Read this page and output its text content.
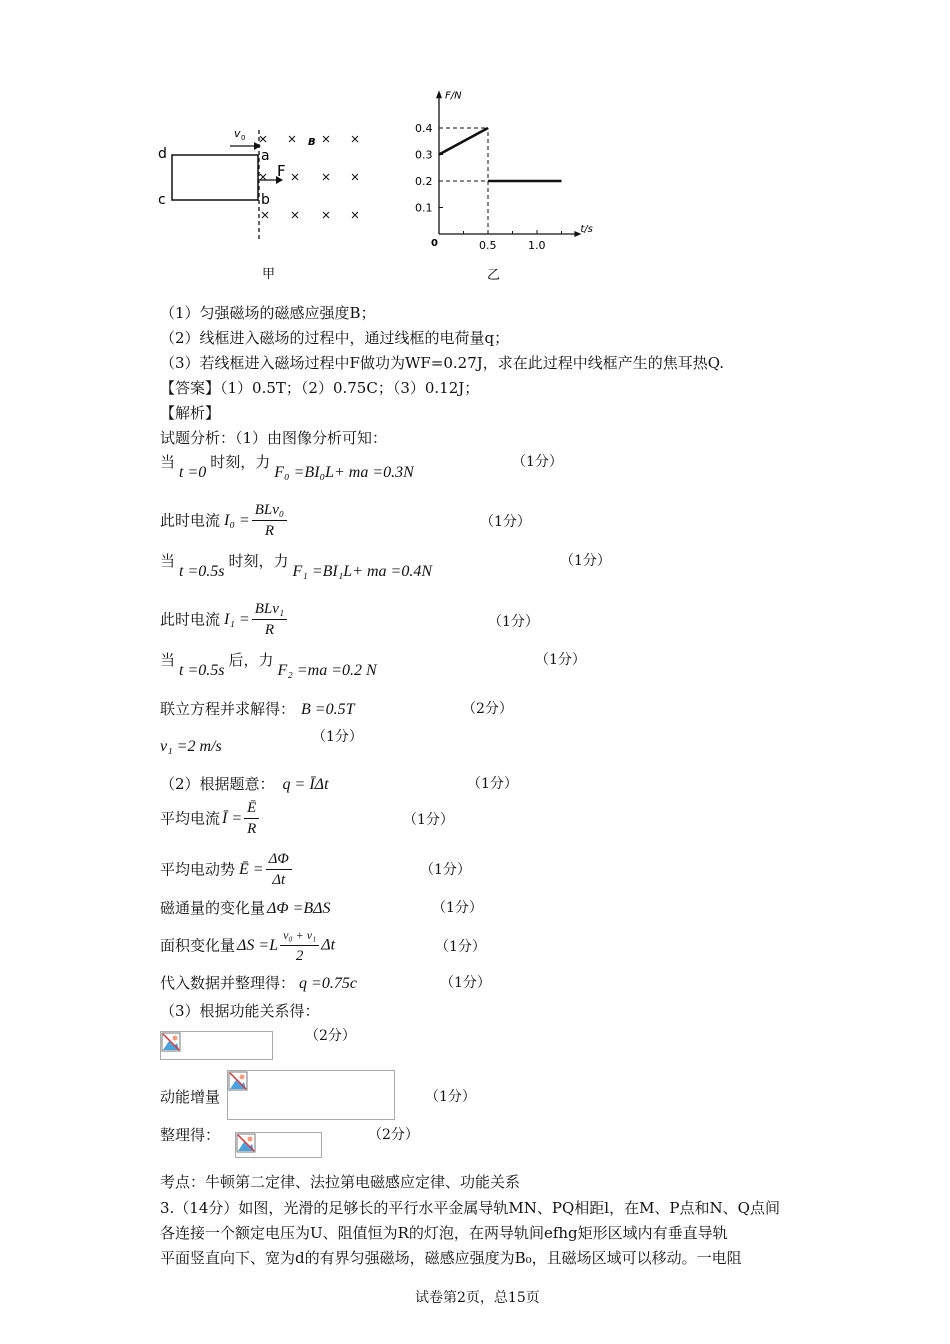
v 0
F
d
c
a
b
B
甲	乙
F/N
t/s
0
0.1
0.2
0.3
0.4
0.5	1.0
（1）匀强磁场的磁感应强度B；
（2）线框进入磁场的过程中，通过线框的电荷量q；
（3）若线框进入磁场过程中F做功为WF=0.27J，求在此过程中线框产生的焦耳热Q.
【答案】（1）0.5T；（2）0.75C；（3）0.12J；
【解析】
试题分析：（1）由图像分析可知：
当t =0时刻，力F₀ =BI₀L+ ma =0.3N
（1分）
此时电流 $I_0 = \frac{\text{BLv₀}}{R}$	（1分）
当t =0.5s时刻，力F₁ =BI₁L+ ma =0.4N
（1分）
此时电流 $I_1 = \frac{\text{BLv₁}}{R}$	（1分）
当t =0.5s后，力F₂ =ma =0.2 N
（1分）
联立方程并求解得： B =0.5T	（2分）
v₁ =2 m/s
（1分）
（2）根据题意： q = ĪΔt	（1分）
平均电流 Ī = $\frac{Ē}{R}$	（1分）
平均电动势 Ē = $\frac{\Delta\Phi}{\Delta t}$	（1分）
磁通量的变化量 ΔΦ =BΔS	（1分）
面积变化量 $\Delta S =L \frac{\text{v₀ + v₁}}{2}$ Δt	（1分）
代入数据并整理得： q =0.75c	（1分）
（3）根据功能关系得：
（2分）
动能增量	（1分）
整理得：	（2分）
考点：牛顿第二定律、法拉第电磁感应定律、功能关系
3.（14分）如图，光滑的足够长的平行水平金属导轨MN、PQ相距l，在M、P点和N、Q点间
各连接一个额定电压为U、阻值恒为R的灯泡，在两导轨间efhg矩形区域内有垂直导轨
平面竖直向下、宽为d的有界匀强磁场，磁感应强度为B₀，且磁场区域可以移动。一电阻
试卷第2页，总15页
